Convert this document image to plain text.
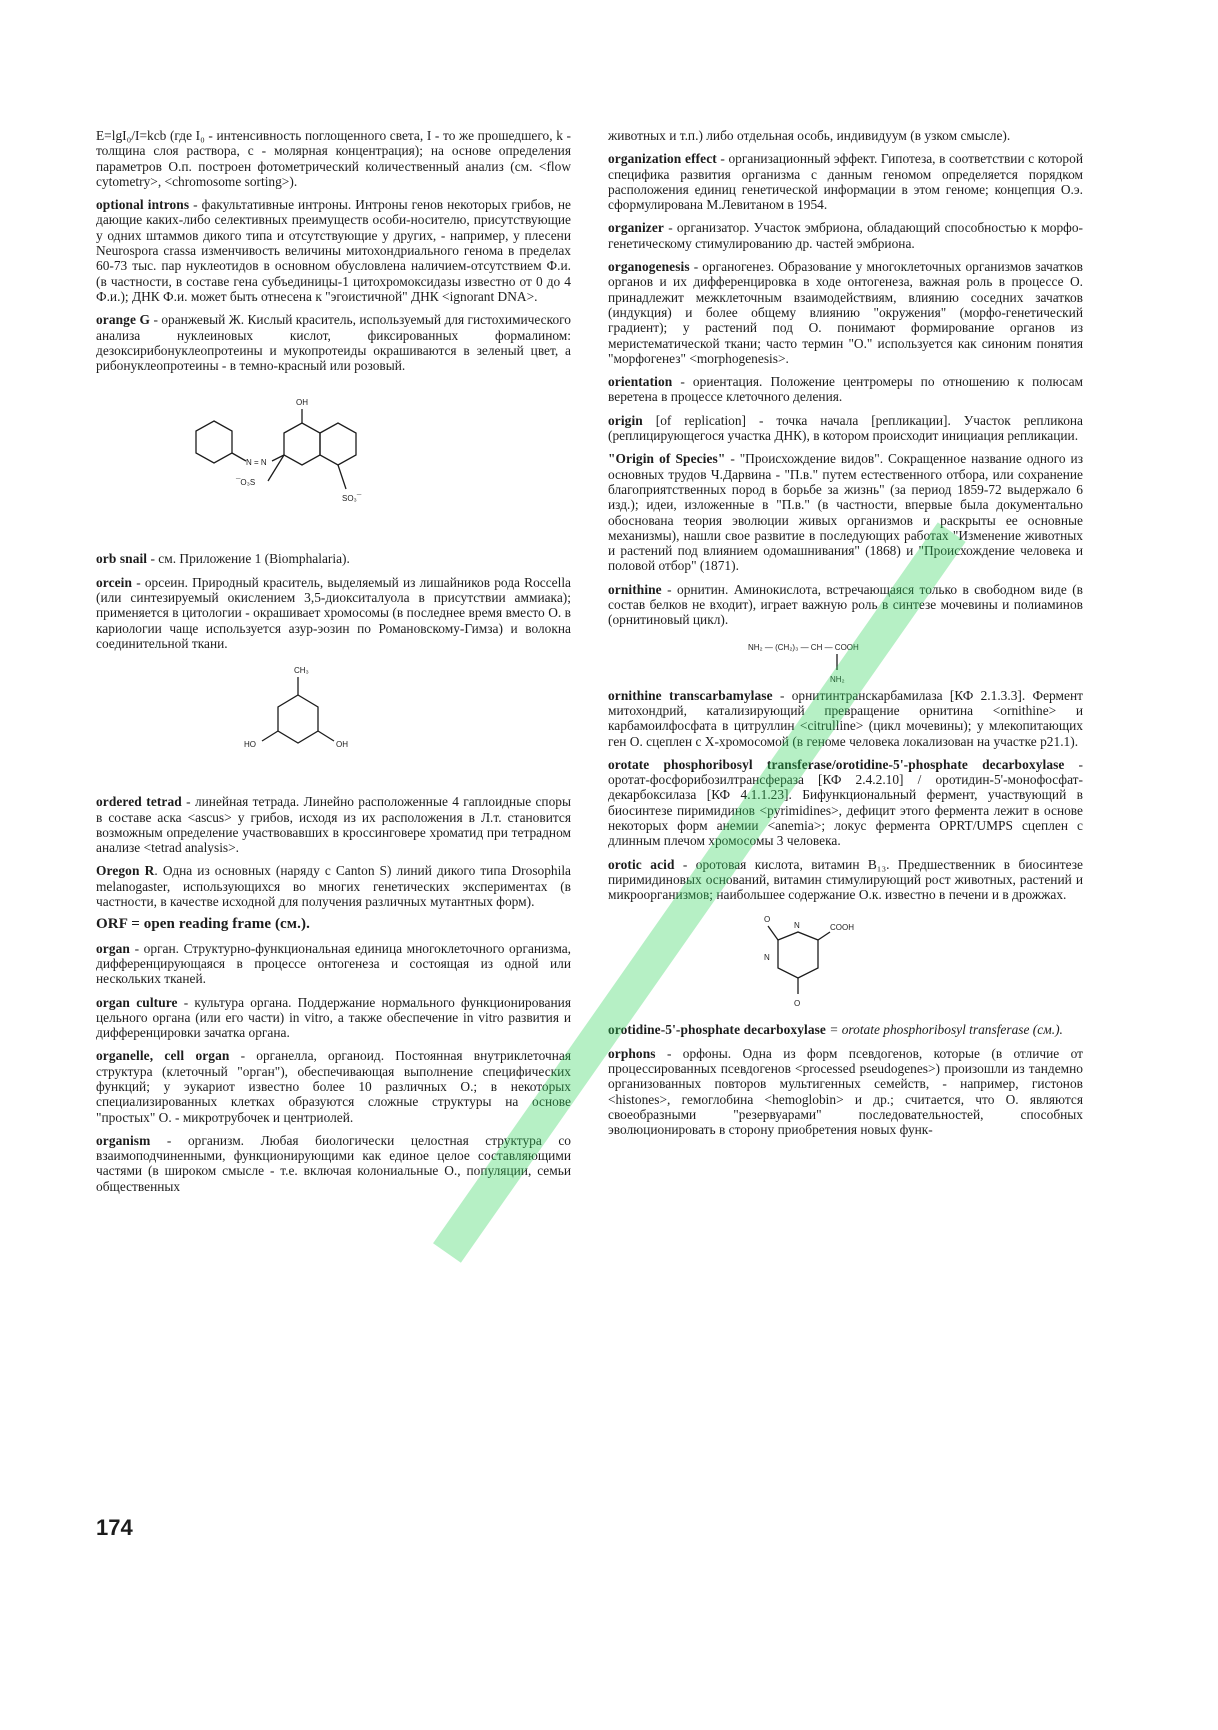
E=lgI₀/I=kcb (где I₀ - интенсивность поглощенного света, I - то же прошедшего, k - толщина слоя раствора, с - молярная концентрация); на основе определения параметров О.п. построен фотометрический количественный анализ (см. <flow cytometry>, <chromosome sorting>).

optional introns - факультативные интроны. Интроны генов некоторых грибов, не дающие каких-либо селективных преимуществ особи-носителю, присутствующие у одних штаммов дикого типа и отсутствующие у других, - например, у плесени Neurospora crassa изменчивость величины митохондриального генома в пределах 60-73 тыс. пар нуклеотидов в основном обусловлена наличием-отсутствием Ф.и. (в частности, в составе гена субъединицы-1 цитохромоксидазы известно от 0 до 4 Ф.и.); ДНК Ф.и. может быть отнесена к "эгоистичной" ДНК <ignorant DNA>.

orange G - оранжевый Ж. Кислый краситель, используемый для гистохимического анализа нуклеиновых кислот, фиксированных формалином: дезоксирибонуклеопротеины и мукопротеиды окрашиваются в зеленый цвет, а рибонуклеопротеины - в темно-красный или розовый.

N = N
OH
¯O₃S
SO₃¯

orb snail - см. Приложение 1 (Biomphalaria).

orcein - орсеин. Природный краситель, выделяемый из лишайников рода Roccella (или синтезируемый окислением 3,5-диокситалуола в присутствии аммиака); применяется в цитологии - окрашивает хромосомы (в последнее время вместо О. в кариологии чаще используется азур-эозин по Романовскому-Гимза) и волокна соединительной ткани.

CH₃
HO	OH

ordered tetrad - линейная тетрада. Линейно расположенные 4 гаплоидные споры в составе аска <ascus> у грибов, исходя из их расположения в Л.т. становится возможным определение участвовавших в кроссинговере хроматид при тетрадном анализе <tetrad analysis>.

Oregon R. Одна из основных (наряду с Canton S) линий дикого типа Drosophila melanogaster, использующихся во многих генетических экспериментах (в частности, в качестве исходной для получения различных мутантных форм).

ORF = open reading frame (см.).

organ - орган. Структурно-функциональная единица многоклеточного организма, дифференцирующаяся в процессе онтогенеза и состоящая из одной или нескольких тканей.

organ culture - культура органа. Поддержание нормального функционирования цельного органа (или его части) in vitro, а также обеспечение in vitro развития и дифференцировки зачатка органа.

organelle, cell organ - органелла, органоид. Постоянная внутриклеточная структура (клеточный "орган"), обеспечивающая выполнение специфических функций; у эукариот известно более 10 различных О.; в некоторых специализированных клетках образуются сложные структуры на основе "простых" О. - микротрубочек и центриолей.

organism - организм. Любая биологически целостная структура со взаимоподчиненными, функционирующими как единое целое составляющими частями (в широком смысле - т.е. включая колониальные О., популяции, семьи общественных

животных и т.п.) либо отдельная особь, индивидуум (в узком смысле).

organization effect - организационный эффект. Гипотеза, в соответствии с которой специфика развития организма с данным геномом определяется порядком расположения единиц генетической информации в этом геноме; концепция О.э. сформулирована М.Левитаном в 1954.

organizer - организатор. Участок эмбриона, обладающий способностью к морфо-генетическому стимулированию др. частей эмбриона.

organogenesis - органогенез. Образование у многоклеточных организмов зачатков органов и их дифференцировка в ходе онтогенеза, важная роль в процессе О. принадлежит межклеточным взаимодействиям, влиянию соседних зачатков (индукция) и более общему влиянию "окружения" (морфо-генетический градиент); у растений под О. понимают формирование органов из меристематической ткани; часто термин "О." используется как синоним понятия "морфогенез" <morphogenesis>.

orientation - ориентация. Положение центромеры по отношению к полюсам веретена в процессе клеточного деления.

origin [of replication] - точка начала [репликации]. Участок репликона (реплицирующегося участка ДНК), в котором происходит инициация репликации.

"Origin of Species" - "Происхождение видов". Сокращенное название одного из основных трудов Ч.Дарвина - "П.в." путем естественного отбора, или сохранение благоприятственных пород в борьбе за жизнь" (за период 1859-72 выдержало 6 изд.); идеи, изложенные в "П.в." (в частности, впервые была документально обоснована теория эволюции живых организмов и раскрыты ее основные механизмы), нашли свое развитие в последующих работах "Изменение животных и растений под влиянием одомашнивания" (1868) и "Происхождение человека и половой отбор" (1871).

ornithine - орнитин. Аминокислота, встречающаяся только в свободном виде (в состав белков не входит), играет важную роль в синтезе мочевины и полиаминов (орнитиновый цикл).

NH₂ — (CH₂)₃ — CH — COOH
NH₂

ornithine transcarbamylase - орнитинтранскарбамилаза [КФ 2.1.3.3]. Фермент митохондрий, катализирующий превращение орнитина <ornithine> и карбамоилфосфата в цитруллин <citrulline> (цикл мочевины); у млекопитающих ген О. сцеплен с X-хромосомой (в геноме человека локализован на участке p21.1).

orotate phosphoribosyl transferase/orotidine-5'-phosphate decarboxylase - оротат-фосфорибозилтрансфераза [КФ 2.4.2.10] / оротидин-5'-монофосфат-декарбоксилаза [КФ 4.1.1.23]. Бифункциональный фермент, участвующий в биосинтезе пиримидинов <pyrimidines>, дефицит этого фермента лежит в основе некоторых форм анемии <anemia>; локус фермента OPRT/UMPS сцеплен с длинным плечом хромосомы 3 человека.

orotic acid - оротовая кислота, витамин B₁₃. Предшественник в биосинтезе пиримидиновых оснований, витамин стимулирующий рост животных, растений и микроорганизмов; наибольшее содержание О.к. известно в печени и в дрожжах.

O
N	COOH
N
O

orotidine-5'-phosphate decarboxylase = orotate phosphoribosyl transferase (см.).

orphons - орфоны. Одна из форм псевдогенов, которые (в отличие от процессированных псевдогенов <processed pseudogenes>) произошли из тандемно организованных повторов мультигенных семейств, - например, гистонов <histones>, гемоглобина <hemoglobin> и др.; считается, что О. являются своеобразными "резервуарами" последовательностей, способных эволюционировать в сторону приобретения новых функ-

174
